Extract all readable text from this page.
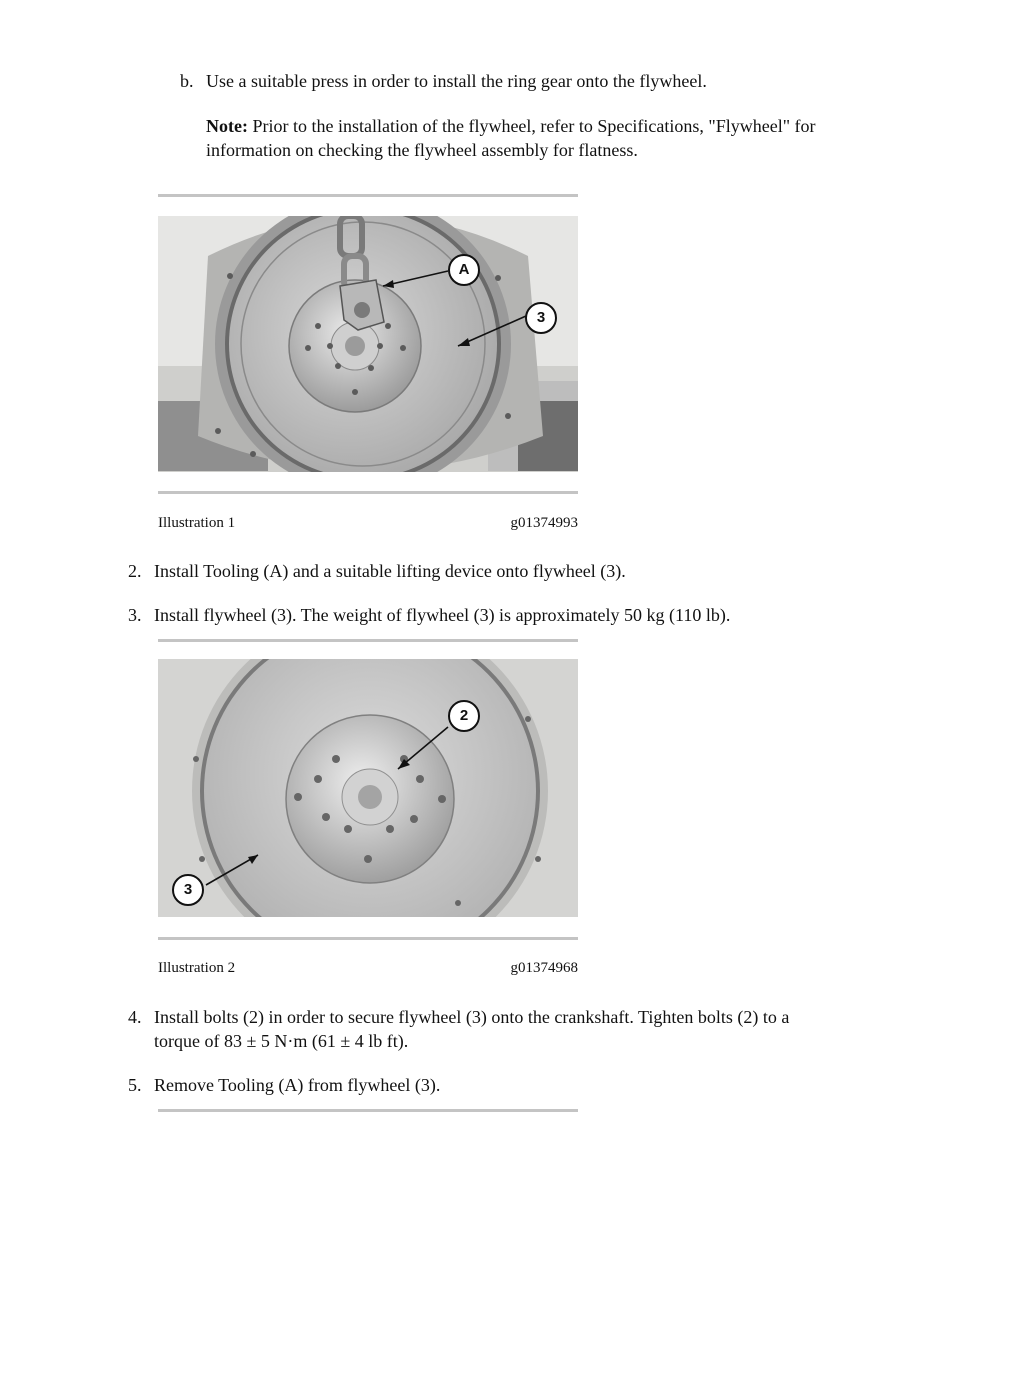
b. Use a suitable press in order to install the ring gear onto the flywheel.
Note: Prior to the installation of the flywheel, refer to Specifications, "Flywheel" for
information on checking the flywheel assembly for flatness.
A
3
Illustration 1	g01374993
2. Install Tooling (A) and a suitable lifting device onto flywheel (3).
3. Install flywheel (3). The weight of flywheel (3) is approximately 50 kg (110 lb).
2
3
Illustration 2	g01374968
4. Install bolts (2) in order to secure flywheel (3) onto the crankshaft. Tighten bolts (2) to a
torque of 83 ± 5 N·m (61 ± 4 lb ft).
5. Remove Tooling (A) from flywheel (3).
